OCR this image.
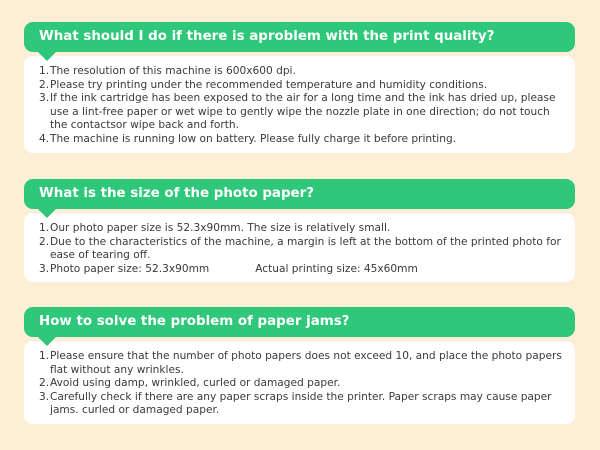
What should I do if there is aproblem with the print quality?
1. The resolution of this machine is 600x600 dpi.
2. Please try printing under the recommended temperature and humidity conditions.
3. If the ink cartridge has been exposed to the air for a long time and the ink has dried up, please use a lint-free paper or wet wipe to gently wipe the nozzle plate in one direction; do not touch the contactsor wipe back and forth.
4. The machine is running low on battery. Please fully charge it before printing.
What is the size of the photo paper?
1. Our photo paper size is 52.3x90mm. The size is relatively small.
2. Due to the characteristics of the machine, a margin is left at the bottom of the printed photo for ease of tearing off.
3. Photo paper size: 52.3x90mm	Actual printing size: 45x60mm
How to solve the problem of paper jams?
1. Please ensure that the number of photo papers does not exceed 10, and place the photo papers flat without any wrinkles.
2. Avoid using damp, wrinkled, curled or damaged paper.
3. Carefully check if there are any paper scraps inside the printer. Paper scraps may cause paper jams. curled or damaged paper.
